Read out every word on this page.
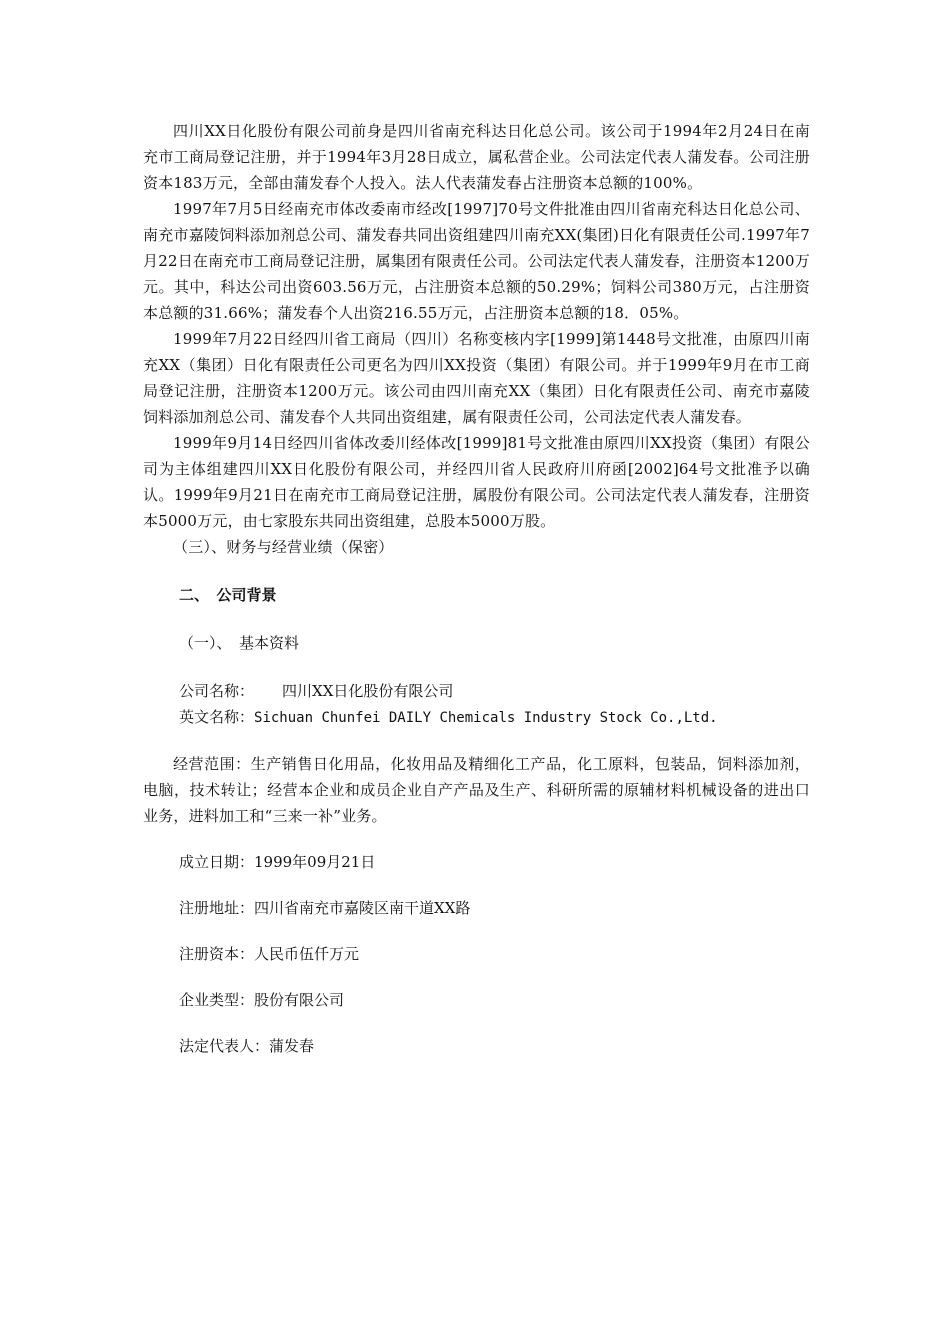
四川XX日化股份有限公司前身是四川省南充科达日化总公司。该公司于1994年2月24日在南充市工商局登记注册，并于1994年3月28日成立，属私营企业。公司法定代表人蒲发春。公司注册资本183万元，全部由蒲发春个人投入。法人代表蒲发春占注册资本总额的100%。

1997年7月5日经南充市体改委南市经改[1997]70号文件批准由四川省南充科达日化总公司、南充市嘉陵饲料添加剂总公司、蒲发春共同出资组建四川南充XX(集团)日化有限责任公司.1997年7月22日在南充市工商局登记注册，属集团有限责任公司。公司法定代表人蒲发春，注册资本1200万元。其中，科达公司出资603.56万元，占注册资本总额的50.29%；饲料公司380万元，占注册资本总额的31.66%；蒲发春个人出资216.55万元，占注册资本总额的18．05%。

1999年7月22日经四川省工商局（四川）名称变核内字[1999]第1448号文批准，由原四川南充XX（集团）日化有限责任公司更名为四川XX投资（集团）有限公司。并于1999年9月在市工商局登记注册，注册资本1200万元。该公司由四川南充XX（集团）日化有限责任公司、南充市嘉陵饲料添加剂总公司、蒲发春个人共同出资组建，属有限责任公司，公司法定代表人蒲发春。

1999年9月14日经四川省体改委川经体改[1999]81号文批准由原四川XX投资（集团）有限公司为主体组建四川XX日化股份有限公司，并经四川省人民政府川府函[2002]64号文批准予以确认。1999年9月21日在南充市工商局登记注册，属股份有限公司。公司法定代表人蒲发春，注册资本5000万元，由七家股东共同出资组建，总股本5000万股。

（三）、财务与经营业绩（保密）

二、　公司背景

（一）、　基本资料

公司名称： 四川XX日化股份有限公司

英文名称：Sichuan Chunfei DAILY Chemicals Industry Stock Co.,Ltd.

经营范围：生产销售日化用品，化妆用品及精细化工产品，化工原料，包装品，饲料添加剂，电脑，技术转让；经营本企业和成员企业自产产品及生产、科研所需的原辅材料机械设备的进出口业务，进料加工和“三来一补”业务。

成立日期：1999年09月21日

注册地址：四川省南充市嘉陵区南干道XX路

注册资本：人民币伍仟万元

企业类型：股份有限公司

法定代表人：蒲发春
